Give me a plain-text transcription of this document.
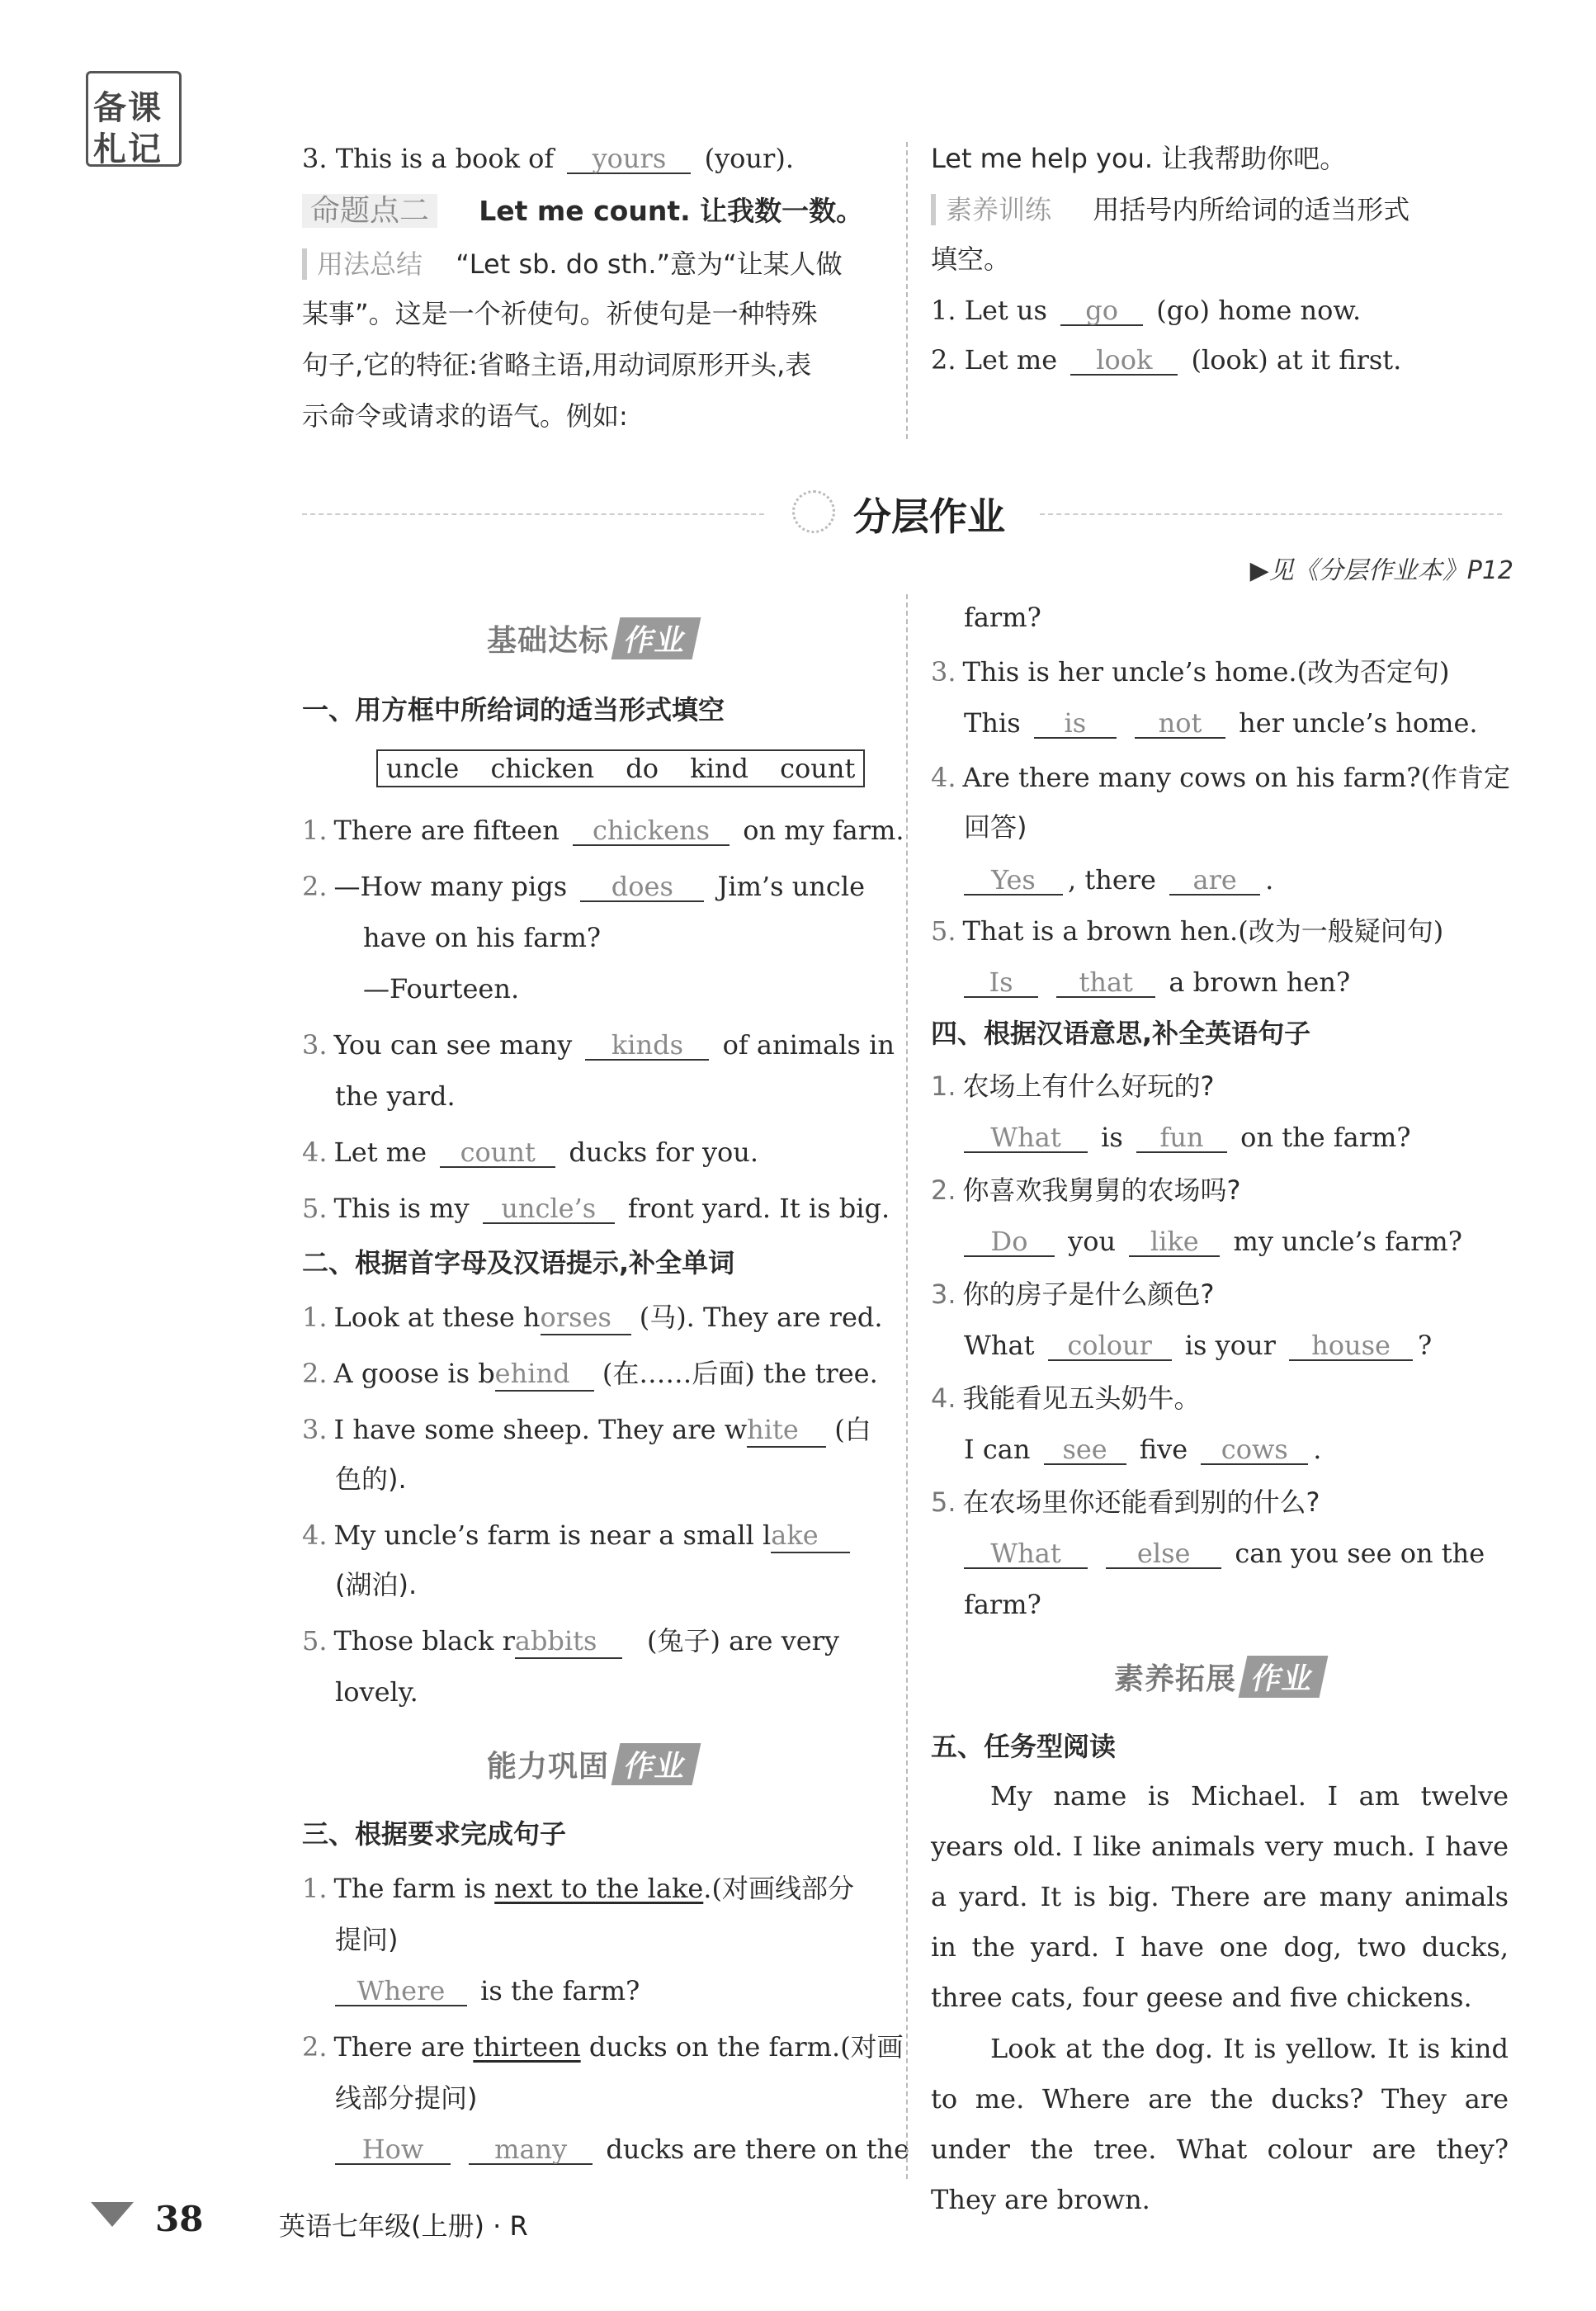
备课
札记	3. This is a book of yours (your).
命题点二 Let me count. 让我数一数。
用法总结 “Let sb. do sth.”意为“让某人做
某事”。这是一个祈使句。祈使句是一种特殊
句子,它的特征:省略主语,用动词原形开头,表
示命令或请求的语气。例如:
Let me help you. 让我帮助你吧。
素养训练 用括号内所给词的适当形式
填空。
1. Let us go (go) home now.
2. Let me look (look) at it first.
分层作业
▶见《分层作业本》P12
基础达标 作业
一、用方框中所给词的适当形式填空
uncle chicken do kind count
1. There are fifteen chickens on my farm.
2. —How many pigs does Jim’s uncle
have on his farm?
—Fourteen.
3. You can see many kinds of animals in
the yard.
4. Let me count ducks for you.
5. This is my uncle’s front yard. It is big.
二、根据首字母及汉语提示,补全单词
1. Look at these horses (马). They are red.
2. A goose is behind (在……后面) the tree.
3. I have some sheep. They are white (白
色的).
4. My uncle’s farm is near a small lake
(湖泊).
5. Those black rabbits (兔子) are very
lovely.
能力巩固 作业
三、根据要求完成句子
1. The farm is next to the lake.(对画线部分
提问)
Where is the farm?
2. There are thirteen ducks on the farm.(对画
线部分提问)
How	many ducks are there on the
farm?
3. This is her uncle’s home.(改为否定句)
This is	not her uncle’s home.
4. Are there many cows on his farm?(作肯定
回答)
Yes , there are .
5. That is a brown hen.(改为一般疑问句)
Is that a brown hen?
四、根据汉语意思,补全英语句子
1. 农场上有什么好玩的?
What is fun on the farm?
2. 你喜欢我舅舅的农场吗?
Do you like my uncle’s farm?
3. 你的房子是什么颜色?
What colour is your house ?
4. 我能看见五头奶牛。
I can see five cows .
5. 在农场里你还能看到别的什么?
What	else can you see on the
farm?
素养拓展 作业
五、任务型阅读
My name is Michael. I am twelve years old. I like animals very much. I have a yard. It is big. There are many animals in the yard. I have one dog, two ducks, three cats, four geese and five chickens.
Look at the dog. It is yellow. It is kind to me. Where are the ducks? They are under the tree. What colour are they? They are brown.
38	英语七年级(上册) · R
